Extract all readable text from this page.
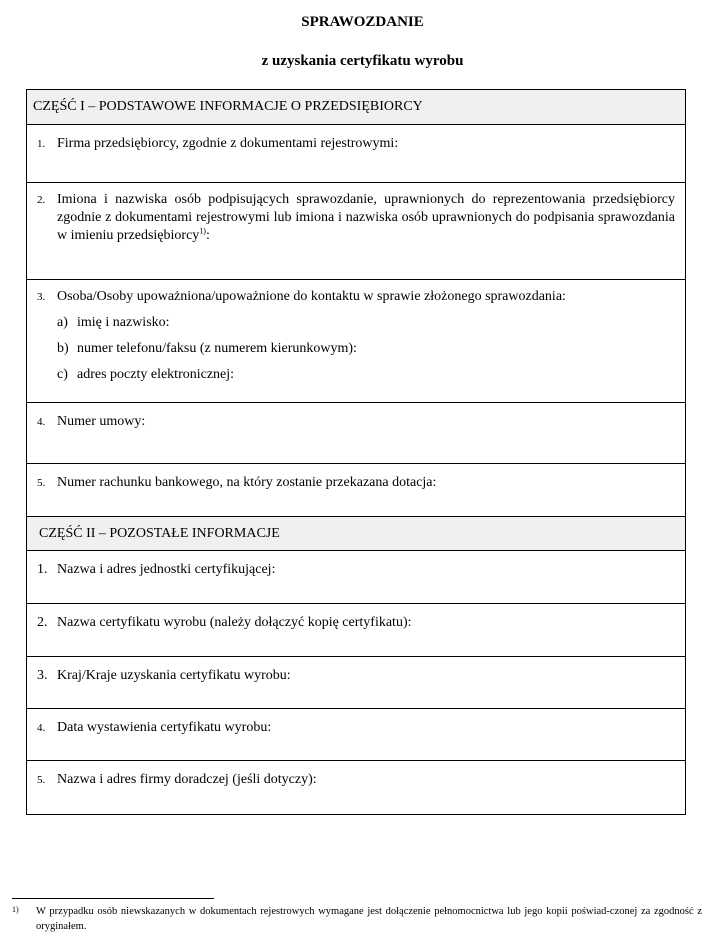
SPRAWOZDANIE
z uzyskania certyfikatu wyrobu
CZĘŚĆ I – PODSTAWOWE INFORMACJE O PRZEDSIĘBIORCY
1. Firma przedsiębiorcy, zgodnie z dokumentami rejestrowymi:
2. Imiona i nazwiska osób podpisujących sprawozdanie, uprawnionych do reprezentowania przedsiębiorcy zgodnie z dokumentami rejestrowymi lub imiona i nazwiska osób uprawnionych do podpisania sprawozdania w imieniu przedsiębiorcy$^{1)}$:
3. Osoba/Osoby upoważniona/upoważnione do kontaktu w sprawie złożonego sprawozdania:
a) imię i nazwisko:
b) numer telefonu/faksu (z numerem kierunkowym):
c) adres poczty elektronicznej:
4. Numer umowy:
5. Numer rachunku bankowego, na który zostanie przekazana dotacja:
CZĘŚĆ II – POZOSTAŁE INFORMACJE
1. Nazwa i adres jednostki certyfikującej:
2. Nazwa certyfikatu wyrobu (należy dołączyć kopię certyfikatu):
3. Kraj/Kraje uzyskania certyfikatu wyrobu:
4. Data wystawienia certyfikatu wyrobu:
5. Nazwa i adres firmy doradczej (jeśli dotyczy):
1)	W przypadku osób niewskazanych w dokumentach rejestrowych wymagane jest dołączenie pełnomocnictwa lub jego kopii poświad-czonej za zgodność z oryginałem.
